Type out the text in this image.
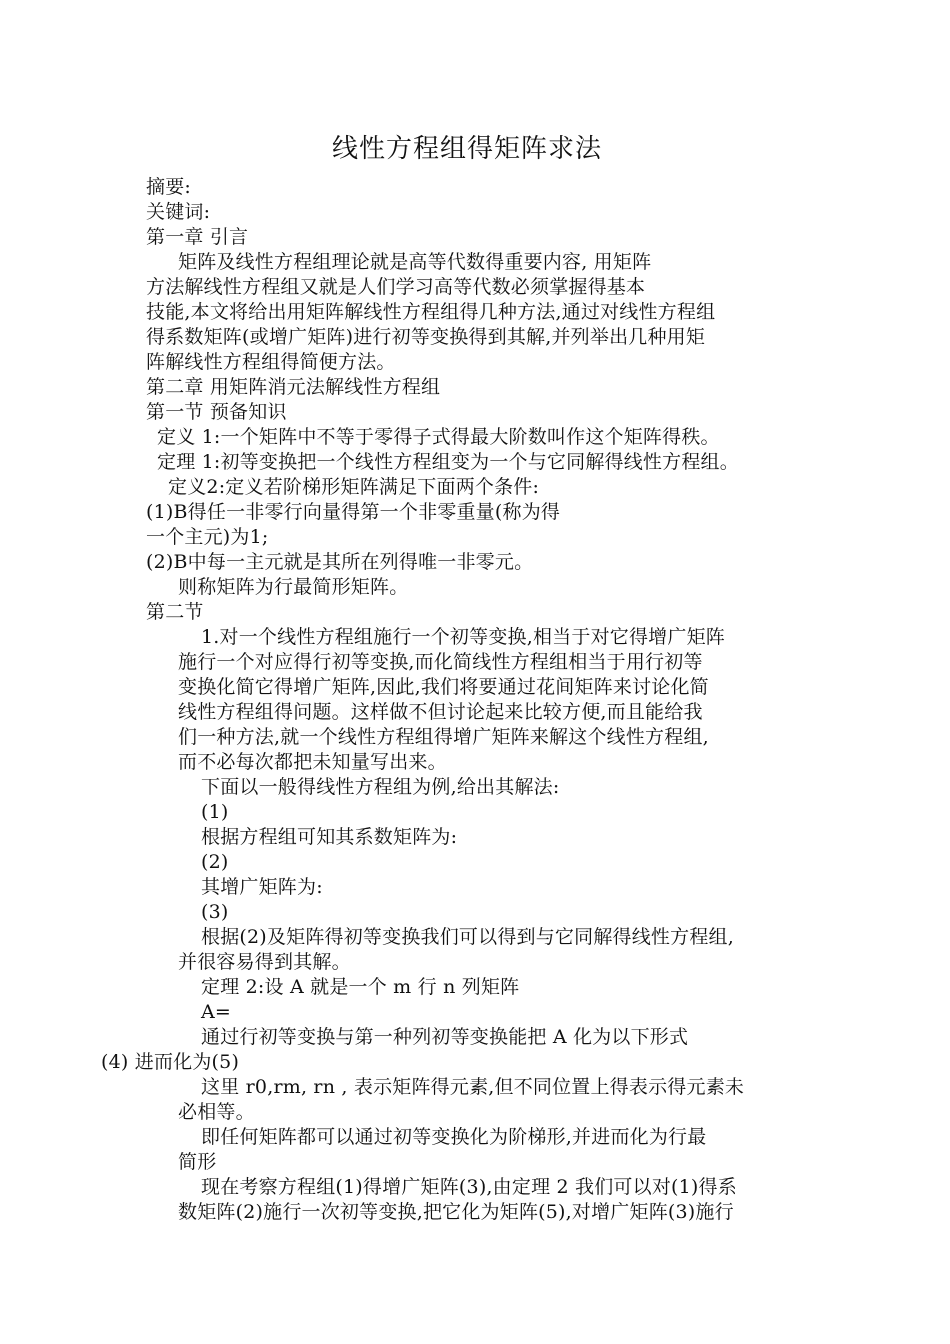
线性方程组得矩阵求法
摘要:
关键词:
第一章 引言
矩阵及线性方程组理论就是高等代数得重要内容, 用矩阵
方法解线性方程组又就是人们学习高等代数必须掌握得基本
技能,本文将给出用矩阵解线性方程组得几种方法,通过对线性方程组
得系数矩阵(或增广矩阵)进行初等变换得到其解,并列举出几种用矩
阵解线性方程组得简便方法。
第二章 用矩阵消元法解线性方程组
第一节 预备知识
定义 1:一个矩阵中不等于零得子式得最大阶数叫作这个矩阵得秩。
定理 1:初等变换把一个线性方程组变为一个与它同解得线性方程组。
定义2:定义若阶梯形矩阵满足下面两个条件:
(1)B得任一非零行向量得第一个非零重量(称为得
一个主元)为1;
(2)B中每一主元就是其所在列得唯一非零元。
则称矩阵为行最简形矩阵。
第二节
1.对一个线性方程组施行一个初等变换,相当于对它得增广矩阵
施行一个对应得行初等变换,而化简线性方程组相当于用行初等
变换化简它得增广矩阵,因此,我们将要通过花间矩阵来讨论化简
线性方程组得问题。这样做不但讨论起来比较方便,而且能给我
们一种方法,就一个线性方程组得增广矩阵来解这个线性方程组,
而不必每次都把未知量写出来。
下面以一般得线性方程组为例,给出其解法:
(1)
根据方程组可知其系数矩阵为:
(2)
其增广矩阵为:
(3)
根据(2)及矩阵得初等变换我们可以得到与它同解得线性方程组,
并很容易得到其解。
定理 2:设 A 就是一个 m 行 n 列矩阵
A=
通过行初等变换与第一种列初等变换能把 A 化为以下形式
(4) 进而化为(5)
这里 r0,rm, rn , 表示矩阵得元素,但不同位置上得表示得元素未
必相等。
即任何矩阵都可以通过初等变换化为阶梯形,并进而化为行最
简形
现在考察方程组(1)得增广矩阵(3),由定理 2 我们可以对(1)得系
数矩阵(2)施行一次初等变换,把它化为矩阵(5),对增广矩阵(3)施行
